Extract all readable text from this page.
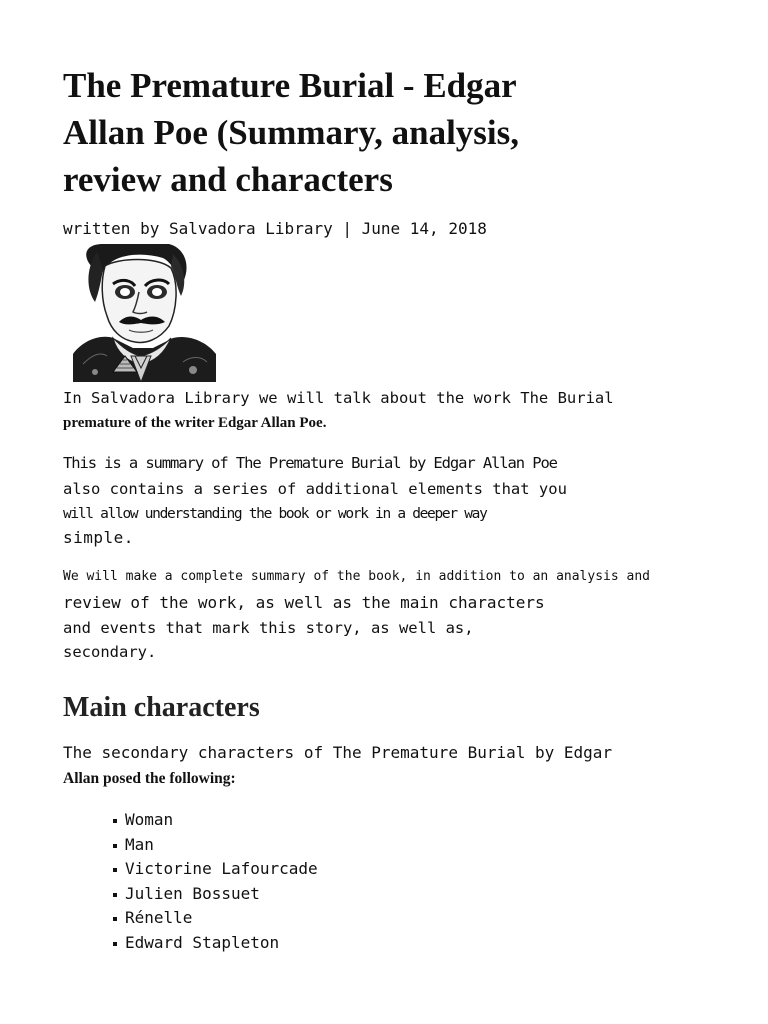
The Premature Burial - Edgar Allan Poe (Summary, analysis, review and characters
written by Salvadora Library | June 14, 2018
In Salvadora Library we will talk about the work The Burial
premature of the writer Edgar Allan Poe.
This is a summary of The Premature Burial by Edgar Allan Poe
also contains a series of additional elements that you
will allow understanding the book or work in a deeper way
simple.
We will make a complete summary of the book, in addition to an analysis and
review of the work, as well as the main characters
and events that mark this story, as well as,
secondary.
Main characters
The secondary characters of The Premature Burial by Edgar
Allan posed the following:
Woman
Man
Victorine Lafourcade
Julien Bossuet
Rénelle
Edward Stapleton
